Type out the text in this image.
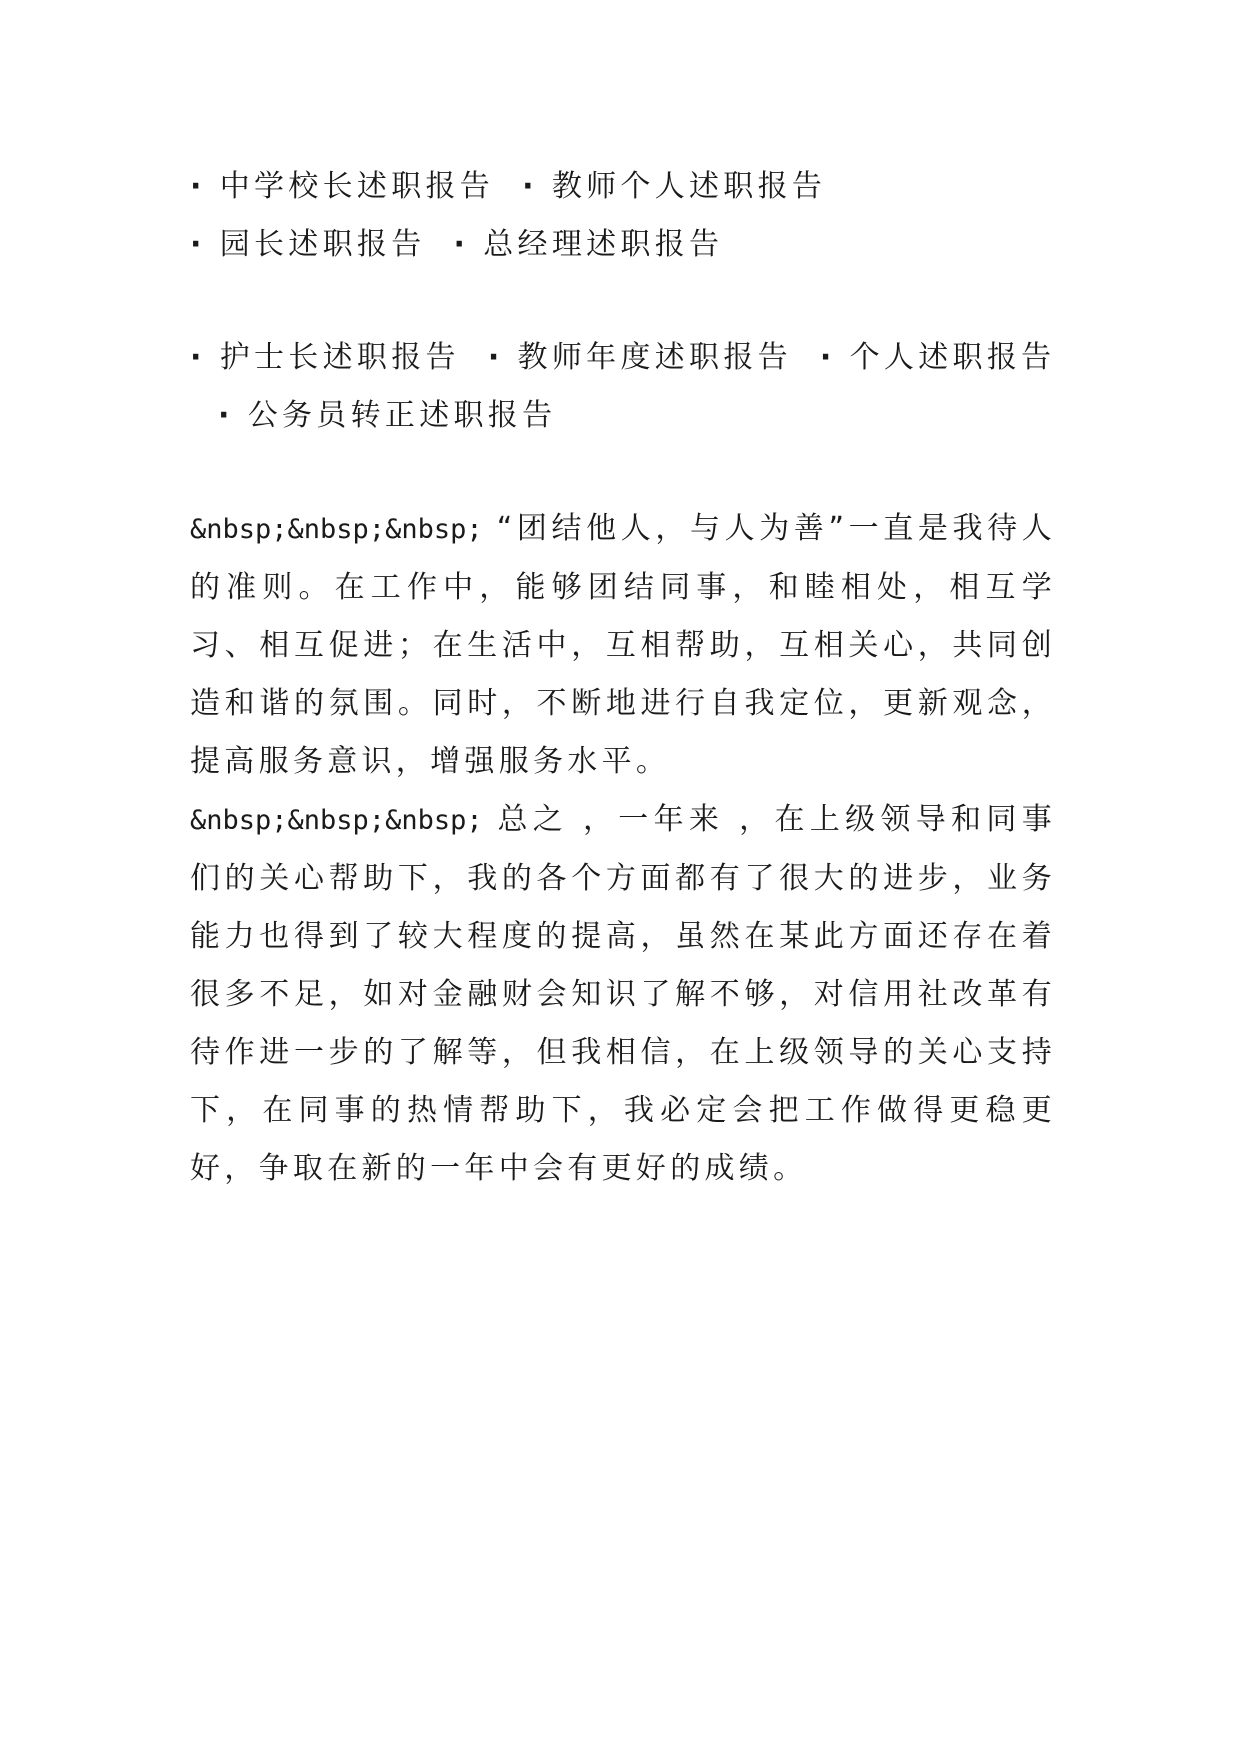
· 中学校长述职报告 · 教师个人述职报告· 园长述职报告 · 总经理述职报告
· 护士长述职报告 · 教师年度述职报告 · 个人述职报告· 公务员转正述职报告

&nbsp;&nbsp;&nbsp; “团结他人，与人为善”一直是我待人的准则。在工作中，能够团结同事，和睦相处，相互学习、相互促进；在生活中，互相帮助，互相关心，共同创造和谐的氛围。同时，不断地进行自我定位，更新观念，提高服务意识，增强服务水平。

&nbsp;&nbsp;&nbsp; 总之 ，一年来 ，在上级领导和同事们的关心帮助下，我的各个方面都有了很大的进步，业务能力也得到了较大程度的提高，虽然在某此方面还存在着很多不足，如对金融财会知识了解不够，对信用社改革有待作进一步的了解等，但我相信，在上级领导的关心支持下，在同事的热情帮助下，我必定会把工作做得更稳更好，争取在新的一年中会有更好的成绩。
